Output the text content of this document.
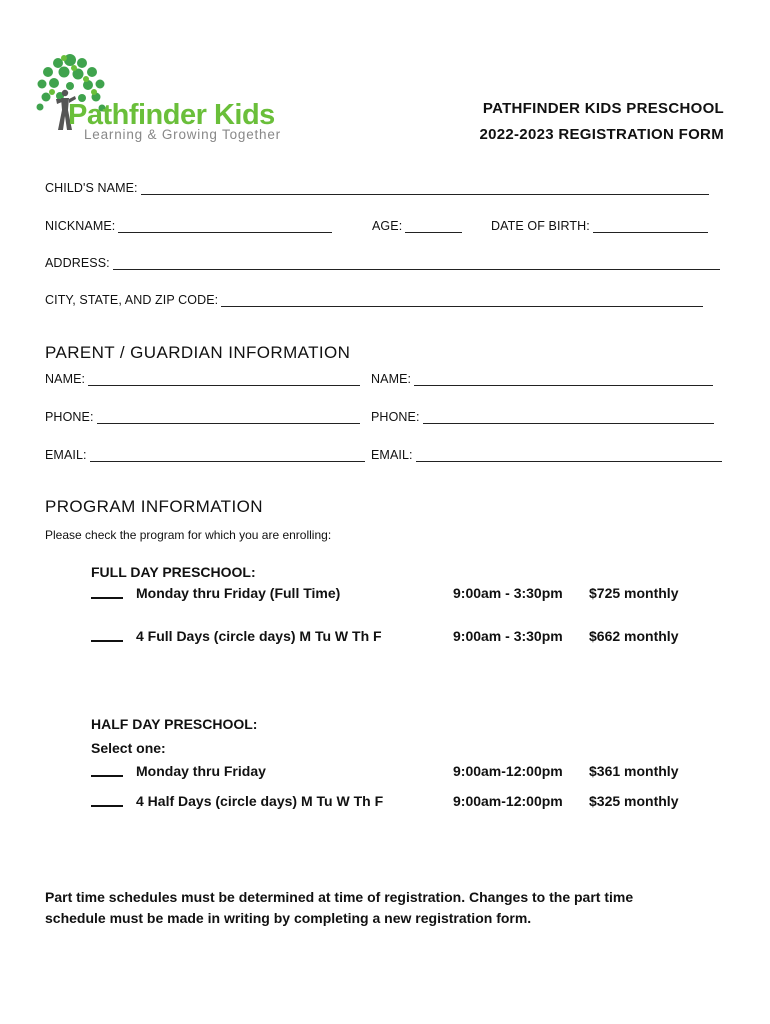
Pathfinder Kids
Learning & Growing Together
PATHFINDER KIDS PRESCHOOL
2022-2023 REGISTRATION FORM
CHILD'S NAME:
NICKNAME:	AGE:	DATE OF BIRTH:
ADDRESS:
CITY, STATE, AND ZIP CODE:
PARENT / GUARDIAN INFORMATION
NAME:	NAME:
PHONE:	PHONE:
EMAIL:	EMAIL:
PROGRAM INFORMATION
Please check the program for which you are enrolling:
FULL DAY PRESCHOOL:
Monday thru Friday (Full Time)	9:00am - 3:30pm $725 monthly
4 Full Days (circle days) M Tu W Th F	9:00am - 3:30pm $662 monthly
HALF DAY PRESCHOOL:
Select one:
Monday thru Friday	9:00am-12:00pm $361 monthly
4 Half Days (circle days) M Tu W Th F	9:00am-12:00pm $325 monthly
Part time schedules must be determined at time of registration. Changes to the part time
schedule must be made in writing by completing a new registration form.
